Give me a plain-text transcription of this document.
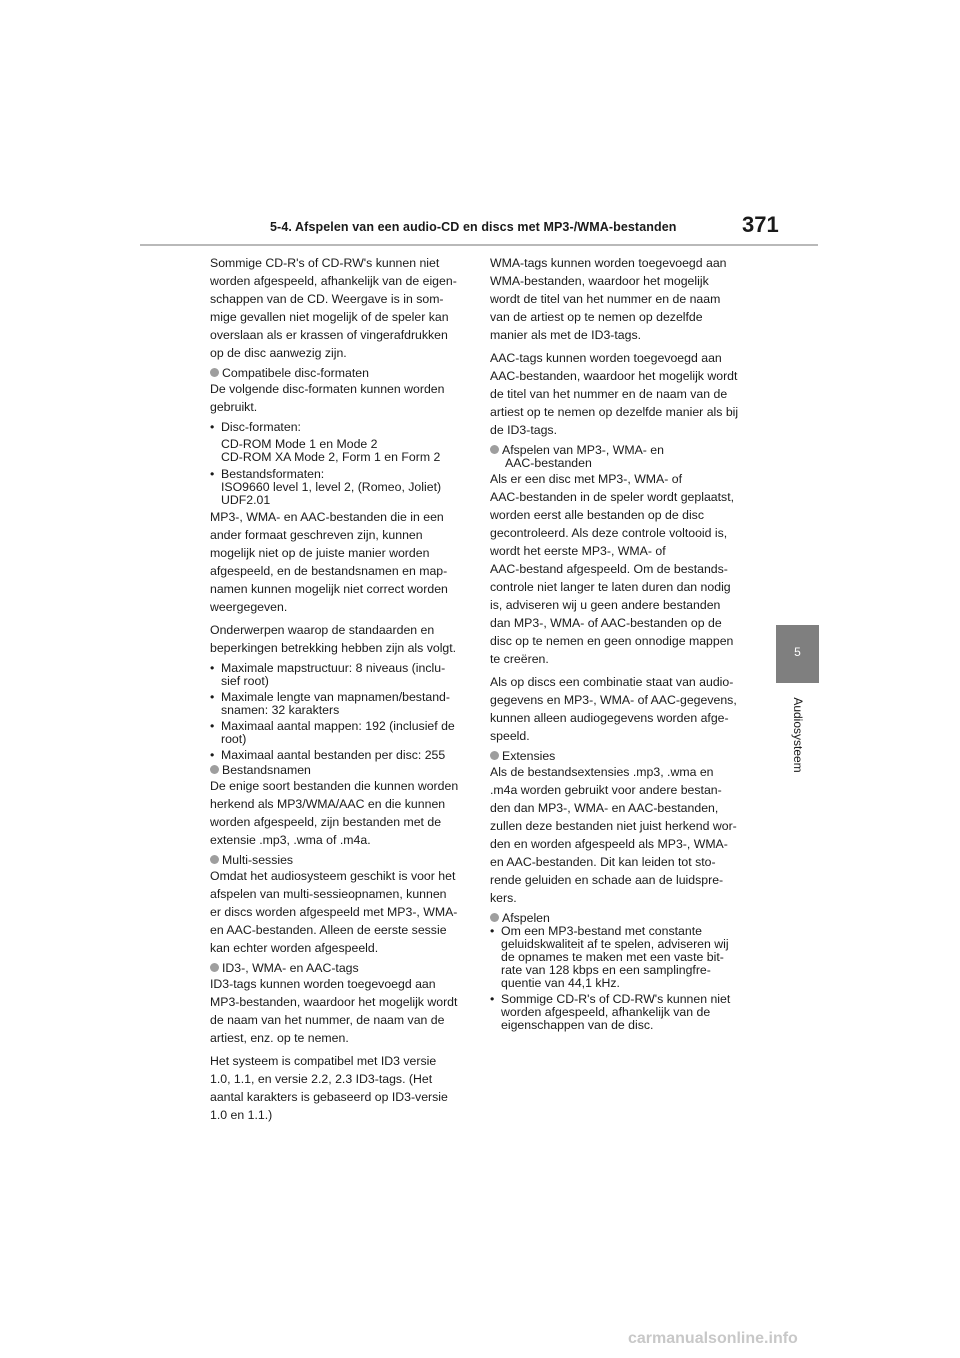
5-4. Afspelen van een audio-CD en discs met MP3-/WMA-bestanden	371
5
Audiosysteem
Sommige CD-R's of CD-RW's kunnen niet
worden afgespeeld, afhankelijk van de eigen-
schappen van de CD. Weergave is in som-
mige gevallen niet mogelijk of de speler kan
overslaan als er krassen of vingerafdrukken
op de disc aanwezig zijn.
Compatibele disc-formaten
De volgende disc-formaten kunnen worden
gebruikt.
• Disc-formaten:
CD-ROM Mode 1 en Mode 2
CD-ROM XA Mode 2, Form 1 en Form 2
• Bestandsformaten:
ISO9660 level 1, level 2, (Romeo, Joliet)
UDF2.01
MP3-, WMA- en AAC-bestanden die in een
ander formaat geschreven zijn, kunnen
mogelijk niet op de juiste manier worden
afgespeeld, en de bestandsnamen en map-
namen kunnen mogelijk niet correct worden
weergegeven.
Onderwerpen waarop de standaarden en
beperkingen betrekking hebben zijn als volgt.
• Maximale mapstructuur: 8 niveaus (inclu-
sief root)
• Maximale lengte van mapnamen/bestand-
snamen: 32 karakters
• Maximaal aantal mappen: 192 (inclusief de
root)
• Maximaal aantal bestanden per disc: 255
Bestandsnamen
De enige soort bestanden die kunnen worden
herkend als MP3/WMA/AAC en die kunnen
worden afgespeeld, zijn bestanden met de
extensie .mp3, .wma of .m4a.
Multi-sessies
Omdat het audiosysteem geschikt is voor het
afspelen van multi-sessieopnamen, kunnen
er discs worden afgespeeld met MP3-, WMA-
en AAC-bestanden. Alleen de eerste sessie
kan echter worden afgespeeld.
ID3-, WMA- en AAC-tags
ID3-tags kunnen worden toegevoegd aan
MP3-bestanden, waardoor het mogelijk wordt
de naam van het nummer, de naam van de
artiest, enz. op te nemen.
Het systeem is compatibel met ID3 versie
1.0, 1.1, en versie 2.2, 2.3 ID3-tags. (Het
aantal karakters is gebaseerd op ID3-versie
1.0 en 1.1.)
WMA-tags kunnen worden toegevoegd aan
WMA-bestanden, waardoor het mogelijk
wordt de titel van het nummer en de naam
van de artiest op te nemen op dezelfde
manier als met de ID3-tags.
AAC-tags kunnen worden toegevoegd aan
AAC-bestanden, waardoor het mogelijk wordt
de titel van het nummer en de naam van de
artiest op te nemen op dezelfde manier als bij
de ID3-tags.
Afspelen van MP3-, WMA- en
AAC-bestanden
Als er een disc met MP3-, WMA- of
AAC-bestanden in de speler wordt geplaatst,
worden eerst alle bestanden op de disc
gecontroleerd. Als deze controle voltooid is,
wordt het eerste MP3-, WMA- of
AAC-bestand afgespeeld. Om de bestands-
controle niet langer te laten duren dan nodig
is, adviseren wij u geen andere bestanden
dan MP3-, WMA- of AAC-bestanden op de
disc op te nemen en geen onnodige mappen
te creëren.
Als op discs een combinatie staat van audio-
gegevens en MP3-, WMA- of AAC-gegevens,
kunnen alleen audiogegevens worden afge-
speeld.
Extensies
Als de bestandsextensies .mp3, .wma en
.m4a worden gebruikt voor andere bestan-
den dan MP3-, WMA- en AAC-bestanden,
zullen deze bestanden niet juist herkend wor-
den en worden afgespeeld als MP3-, WMA-
en AAC-bestanden. Dit kan leiden tot sto-
rende geluiden en schade aan de luidspre-
kers.
Afspelen
• Om een MP3-bestand met constante
geluidskwaliteit af te spelen, adviseren wij
de opnames te maken met een vaste bit-
rate van 128 kbps en een samplingfre-
quentie van 44,1 kHz.
• Sommige CD-R's of CD-RW's kunnen niet
worden afgespeeld, afhankelijk van de
eigenschappen van de disc.
carmanualsonline.info
